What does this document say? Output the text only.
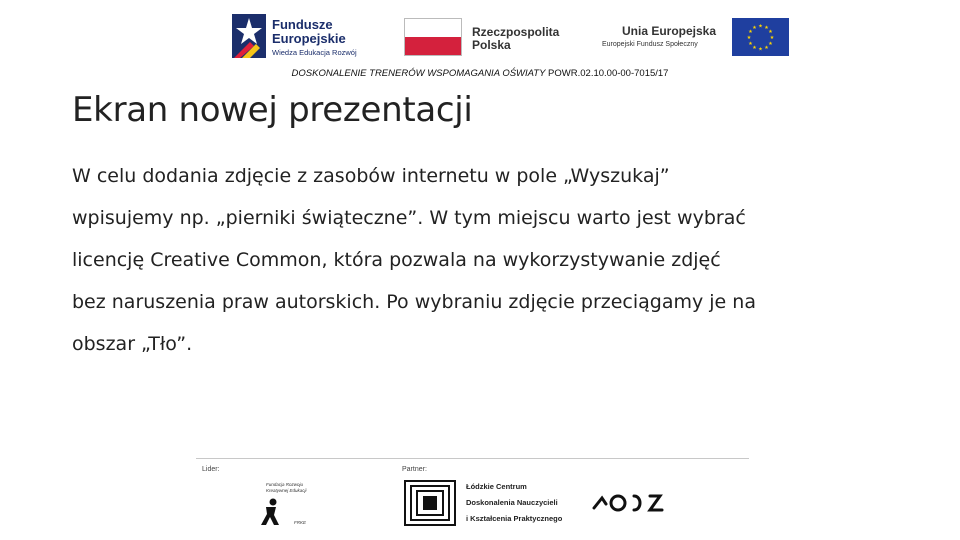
Fundusze
Europejskie
Wiedza Edukacja Rozwój
Rzeczpospolita
Polska
Unia Europejska
Europejski Fundusz Społeczny
★ ★
★
★
★
★
★
★
★
★
★
★
DOSKONALENIE TRENERÓW WSPOMAGANIA OŚWIATY POWR.02.10.00-00-7015/17
Ekran nowej prezentacji
W celu dodania zdjęcie z zasobów internetu w pole „Wyszukaj”
wpisujemy np. „pierniki świąteczne”. W tym miejscu warto jest wybrać
licencję Creative Common, która pozwala na wykorzystywanie zdjęć
bez naruszenia praw autorskich. Po wybraniu zdjęcie przeciągamy je na
obszar „Tło”.
Lider:	Partner:
Fundacja Rozwoju
Kreatywnej Edukacji
FRKE
Łódzkie Centrum
Doskonalenia Nauczycieli
i Kształcenia Praktycznego
